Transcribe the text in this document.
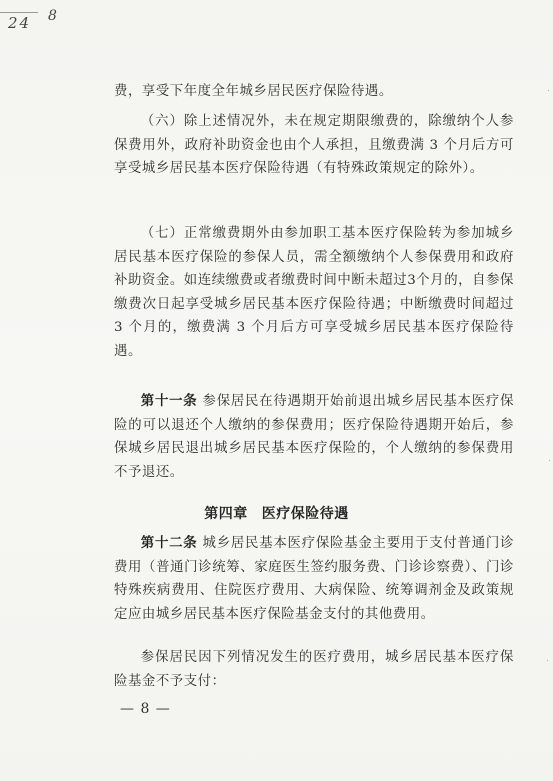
24 8
费，享受下年度全年城乡居民医疗保险待遇。
（六）除上述情况外，未在规定期限缴费的，除缴纳个人参保费用外，政府补助资金也由个人承担，且缴费满 3 个月后方可享受城乡居民基本医疗保险待遇（有特殊政策规定的除外）。
（七）正常缴费期外由参加职工基本医疗保险转为参加城乡居民基本医疗保险的参保人员，需全额缴纳个人参保费用和政府补助资金。如连续缴费或者缴费时间中断未超过3个月的，自参保缴费次日起享受城乡居民基本医疗保险待遇；中断缴费时间超过 3 个月的，缴费满 3 个月后方可享受城乡居民基本医疗保险待遇。
第十一条 参保居民在待遇期开始前退出城乡居民基本医疗保险的可以退还个人缴纳的参保费用；医疗保险待遇期开始后，参保城乡居民退出城乡居民基本医疗保险的，个人缴纳的参保费用不予退还。
第四章 医疗保险待遇
第十二条 城乡居民基本医疗保险基金主要用于支付普通门诊费用（普通门诊统筹、家庭医生签约服务费、门诊诊察费）、门诊特殊疾病费用、住院医疗费用、大病保险、统筹调剂金及政策规定应由城乡居民基本医疗保险基金支付的其他费用。
参保居民因下列情况发生的医疗费用，城乡居民基本医疗保险基金不予支付：
— 8 —
